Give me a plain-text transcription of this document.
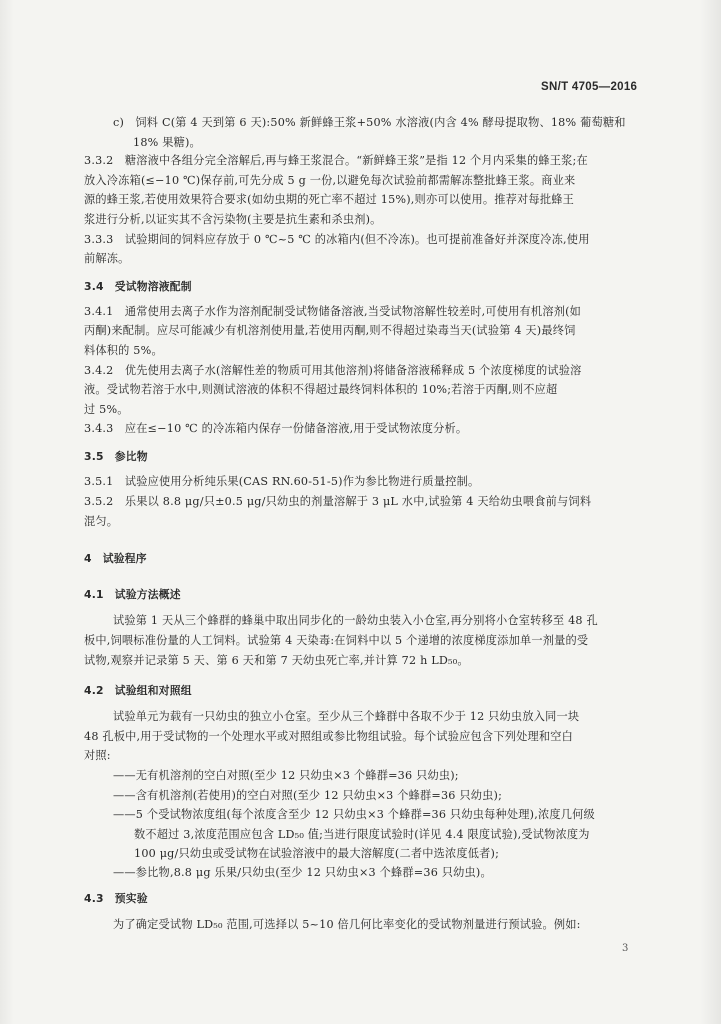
SN/T 4705—2016
c)　饲料 C(第 4 天到第 6 天):50% 新鲜蜂王浆+50% 水溶液(内含 4% 酵母提取物、18% 葡萄糖和
18% 果糖)。
3.3.2　糖溶液中各组分完全溶解后,再与蜂王浆混合。“新鲜蜂王浆”是指 12 个月内采集的蜂王浆;在
放入冷冻箱(≤−10 ℃)保存前,可先分成 5 g 一份,以避免每次试验前都需解冻整批蜂王浆。商业来
源的蜂王浆,若使用效果符合要求(如幼虫期的死亡率不超过 15%),则亦可以使用。推荐对每批蜂王
浆进行分析,以证实其不含污染物(主要是抗生素和杀虫剂)。
3.3.3　试验期间的饲料应存放于 0 ℃~5 ℃ 的冰箱内(但不冷冻)。也可提前准备好并深度冷冻,使用
前解冻。
3.4　受试物溶液配制
3.4.1　通常使用去离子水作为溶剂配制受试物储备溶液,当受试物溶解性较差时,可使用有机溶剂(如
丙酮)来配制。应尽可能减少有机溶剂使用量,若使用丙酮,则不得超过染毒当天(试验第 4 天)最终饲
料体积的 5%。
3.4.2　优先使用去离子水(溶解性差的物质可用其他溶剂)将储备溶液稀释成 5 个浓度梯度的试验溶
液。受试物若溶于水中,则测试溶液的体积不得超过最终饲料体积的 10%;若溶于丙酮,则不应超
过 5%。
3.4.3　应在≤−10 ℃ 的冷冻箱内保存一份储备溶液,用于受试物浓度分析。
3.5　参比物
3.5.1　试验应使用分析纯乐果(CAS RN.60-51-5)作为参比物进行质量控制。
3.5.2　乐果以 8.8 μg/只±0.5 μg/只幼虫的剂量溶解于 3 μL 水中,试验第 4 天给幼虫喂食前与饲料
混匀。
4　试验程序
4.1　试验方法概述
试验第 1 天从三个蜂群的蜂巢中取出同步化的一龄幼虫装入小仓室,再分别将小仓室转移至 48 孔
板中,饲喂标准份量的人工饲料。试验第 4 天染毒:在饲料中以 5 个递增的浓度梯度添加单一剂量的受
试物,观察并记录第 5 天、第 6 天和第 7 天幼虫死亡率,并计算 72 h LD₅₀。
4.2　试验组和对照组
试验单元为载有一只幼虫的独立小仓室。至少从三个蜂群中各取不少于 12 只幼虫放入同一块
48 孔板中,用于受试物的一个处理水平或对照组或参比物组试验。每个试验应包含下列处理和空白
对照:
——无有机溶剂的空白对照(至少 12 只幼虫×3 个蜂群=36 只幼虫);
——含有机溶剂(若使用)的空白对照(至少 12 只幼虫×3 个蜂群=36 只幼虫);
——5 个受试物浓度组(每个浓度含至少 12 只幼虫×3 个蜂群=36 只幼虫每种处理),浓度几何级
数不超过 3,浓度范围应包含 LD₅₀ 值;当进行限度试验时(详见 4.4 限度试验),受试物浓度为
100 μg/只幼虫或受试物在试验溶液中的最大溶解度(二者中选浓度低者);
——参比物,8.8 μg 乐果/只幼虫(至少 12 只幼虫×3 个蜂群=36 只幼虫)。
4.3　预实验
为了确定受试物 LD₅₀ 范围,可选择以 5~10 倍几何比率变化的受试物剂量进行预试验。例如:
3
